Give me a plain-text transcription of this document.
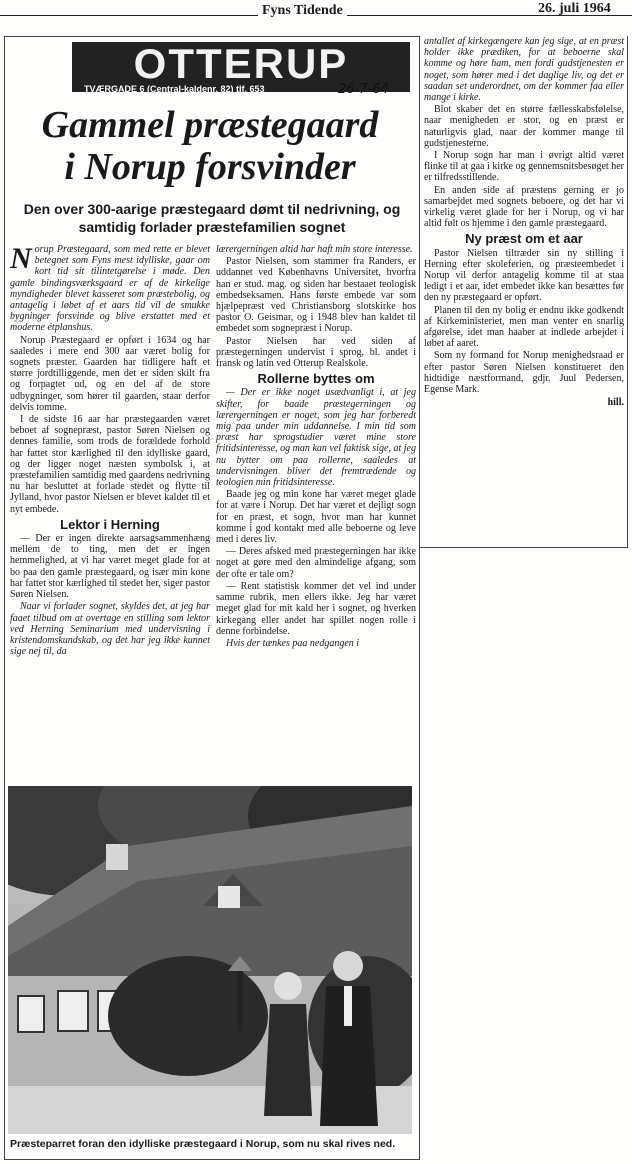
Fyns Tidende	26. juli 1964
OTTERUP
TVÆRGADE 6 (Central-kaldenr. 82) tlf. 653	26-7-64
Gammel præstegaard
i Norup forsvinder
Den over 300-aarige præstegaard dømt til nedrivning, og samtidig forlader præstefamilien sognet

Norup Præstegaard, som med rette er blevet betegnet som Fyns mest idylliske, gaar om kort tid sit tilintetgørelse i møde. Den gamle bindingsværksgaard er af de kirkelige myndigheder blevet kasseret som præstebolig, og antagelig i løbet af et aars tid vil de smukke bygninger forsvinde og blive erstattet med et moderne étplanshus.

Norup Præstegaard er opført i 1634 og har saaledes i mere end 300 aar været bolig for sognets præster. Gaarden har tidligere haft et større jordtilliggende, men det er siden skilt fra og forpagtet ud, og en del af de store udbygninger, som hører til gaarden, staar derfor delvis tomme.

I de sidste 16 aar har præstegaarden været beboet af sognepræst, pastor Søren Nielsen og dennes familie, som trods de forældede forhold har fattet stor kærlighed til den idylliske gaard, og der ligger noget næsten symbolsk i, at præstefamilien samtidig med gaardens nedrivning nu har besluttet at forlade stedet og flytte til Jylland, hvor pastor Nielsen er blevet kaldet til et nyt embede.

Lektor i Herning

— Der er ingen direkte aarsagsammenhæng mellem de to ting, men det er ingen hemmelighed, at vi har været meget glade for at bo paa den gamle præstegaard, og især min kone har fattet stor kærlighed til stedet her, siger pastor Søren Nielsen.

Naar vi forlader sognet, skyldes det, at jeg har faaet tilbud om at overtage en stilling som lektor ved Herning Seminarium med undervisning i kristendomskundskab, og det har jeg ikke kunnet sige nej til, da

lærergerningen altid har haft min store interesse.

Pastor Nielsen, som stammer fra Randers, er uddannet ved Københavns Universitet, hvorfra han er stud. mag. og siden har bestaaet teologisk embedseksamen. Hans første embede var som hjælpepræst ved Christiansborg slotskirke hos pastor O. Geismar, og i 1948 blev han kaldet til embedet som sognepræst i Norup.

Pastor Nielsen har ved siden af præstegerningen undervist i sprog, bl. andet i fransk og latin ved Otterup Realskole.

Rollerne byttes om

— Der er ikke noget usædvanligt i, at jeg skifter, for baade præstegerningen og lærergerningen er noget, som jeg har forberedt mig paa under min uddannelse. I min tid som præst har sprogstudier været mine store fritidsinteresse, og man kan vel faktisk sige, at jeg nu bytter om paa rollerne, saaledes at undervisningen bliver det fremtrædende og teologien min fritidsinteresse.

Baade jeg og min kone har været meget glade for at være i Norup. Det har været et dejligt sogn for en præst, et sogn, hvor man har kunnet komme i god kontakt med alle beboerne og leve med i deres liv.

— Deres afsked med præstegerningen har ikke noget at gøre med den almindelige afgang, som der ofte er tale om?

— Rent statistisk kommer det vel ind under samme rubrik, men ellers ikke. Jeg har været meget glad for mit kald her i sognet, og hverken kirkegang eller andet har spillet nogen rolle i denne forbindelse.

Hvis der tænkes paa nedgangen i

antallet af kirkegængere kan jeg sige, at en præst holder ikke prædiken, for at beboerne skal komme og høre ham, men fordi gudstjenesten er noget, som hører med i det daglige liv, og det er saadan set underordnet, om der kommer faa eller mange i kirke.

Blot skaber det en større fællesskabsfølelse, naar menigheden er stor, og en præst er naturligvis glad, naar der kommer mange til gudstjenesterne.

I Norup sogn har man i øvrigt altid været flinke til at gaa i kirke og gennemsnitsbesøget her er tilfredsstillende.

En anden side af præstens gerning er jo samarbejdet med sognets beboere, og det har vi virkelig været glade for her i Norup, og vi har altid følt os hjemme i den gamle præstegaard.

Ny præst om et aar

Pastor Nielsen tiltræder sin ny stilling i Herning efter skoleferien, og præsteembedet i Norup vil derfor antagelig komme til at staa ledigt i et aar, idet embedet ikke kan besættes før den ny præstegaard er opført.

Planen til den ny bolig er endnu ikke godkendt af Kirkeministeriet, men man venter en snarlig afgørelse, idet man haaber at indlede arbejdet i løbet af aaret.

Som ny formand for Norup menighedsraad er efter pastor Søren Nielsen konstitueret den hidtidige næstformand, gdjr. Juul Pedersen, Egense Mark.

hill.
Præsteparret foran den idylliske præstegaard i Norup, som nu skal rives ned.
